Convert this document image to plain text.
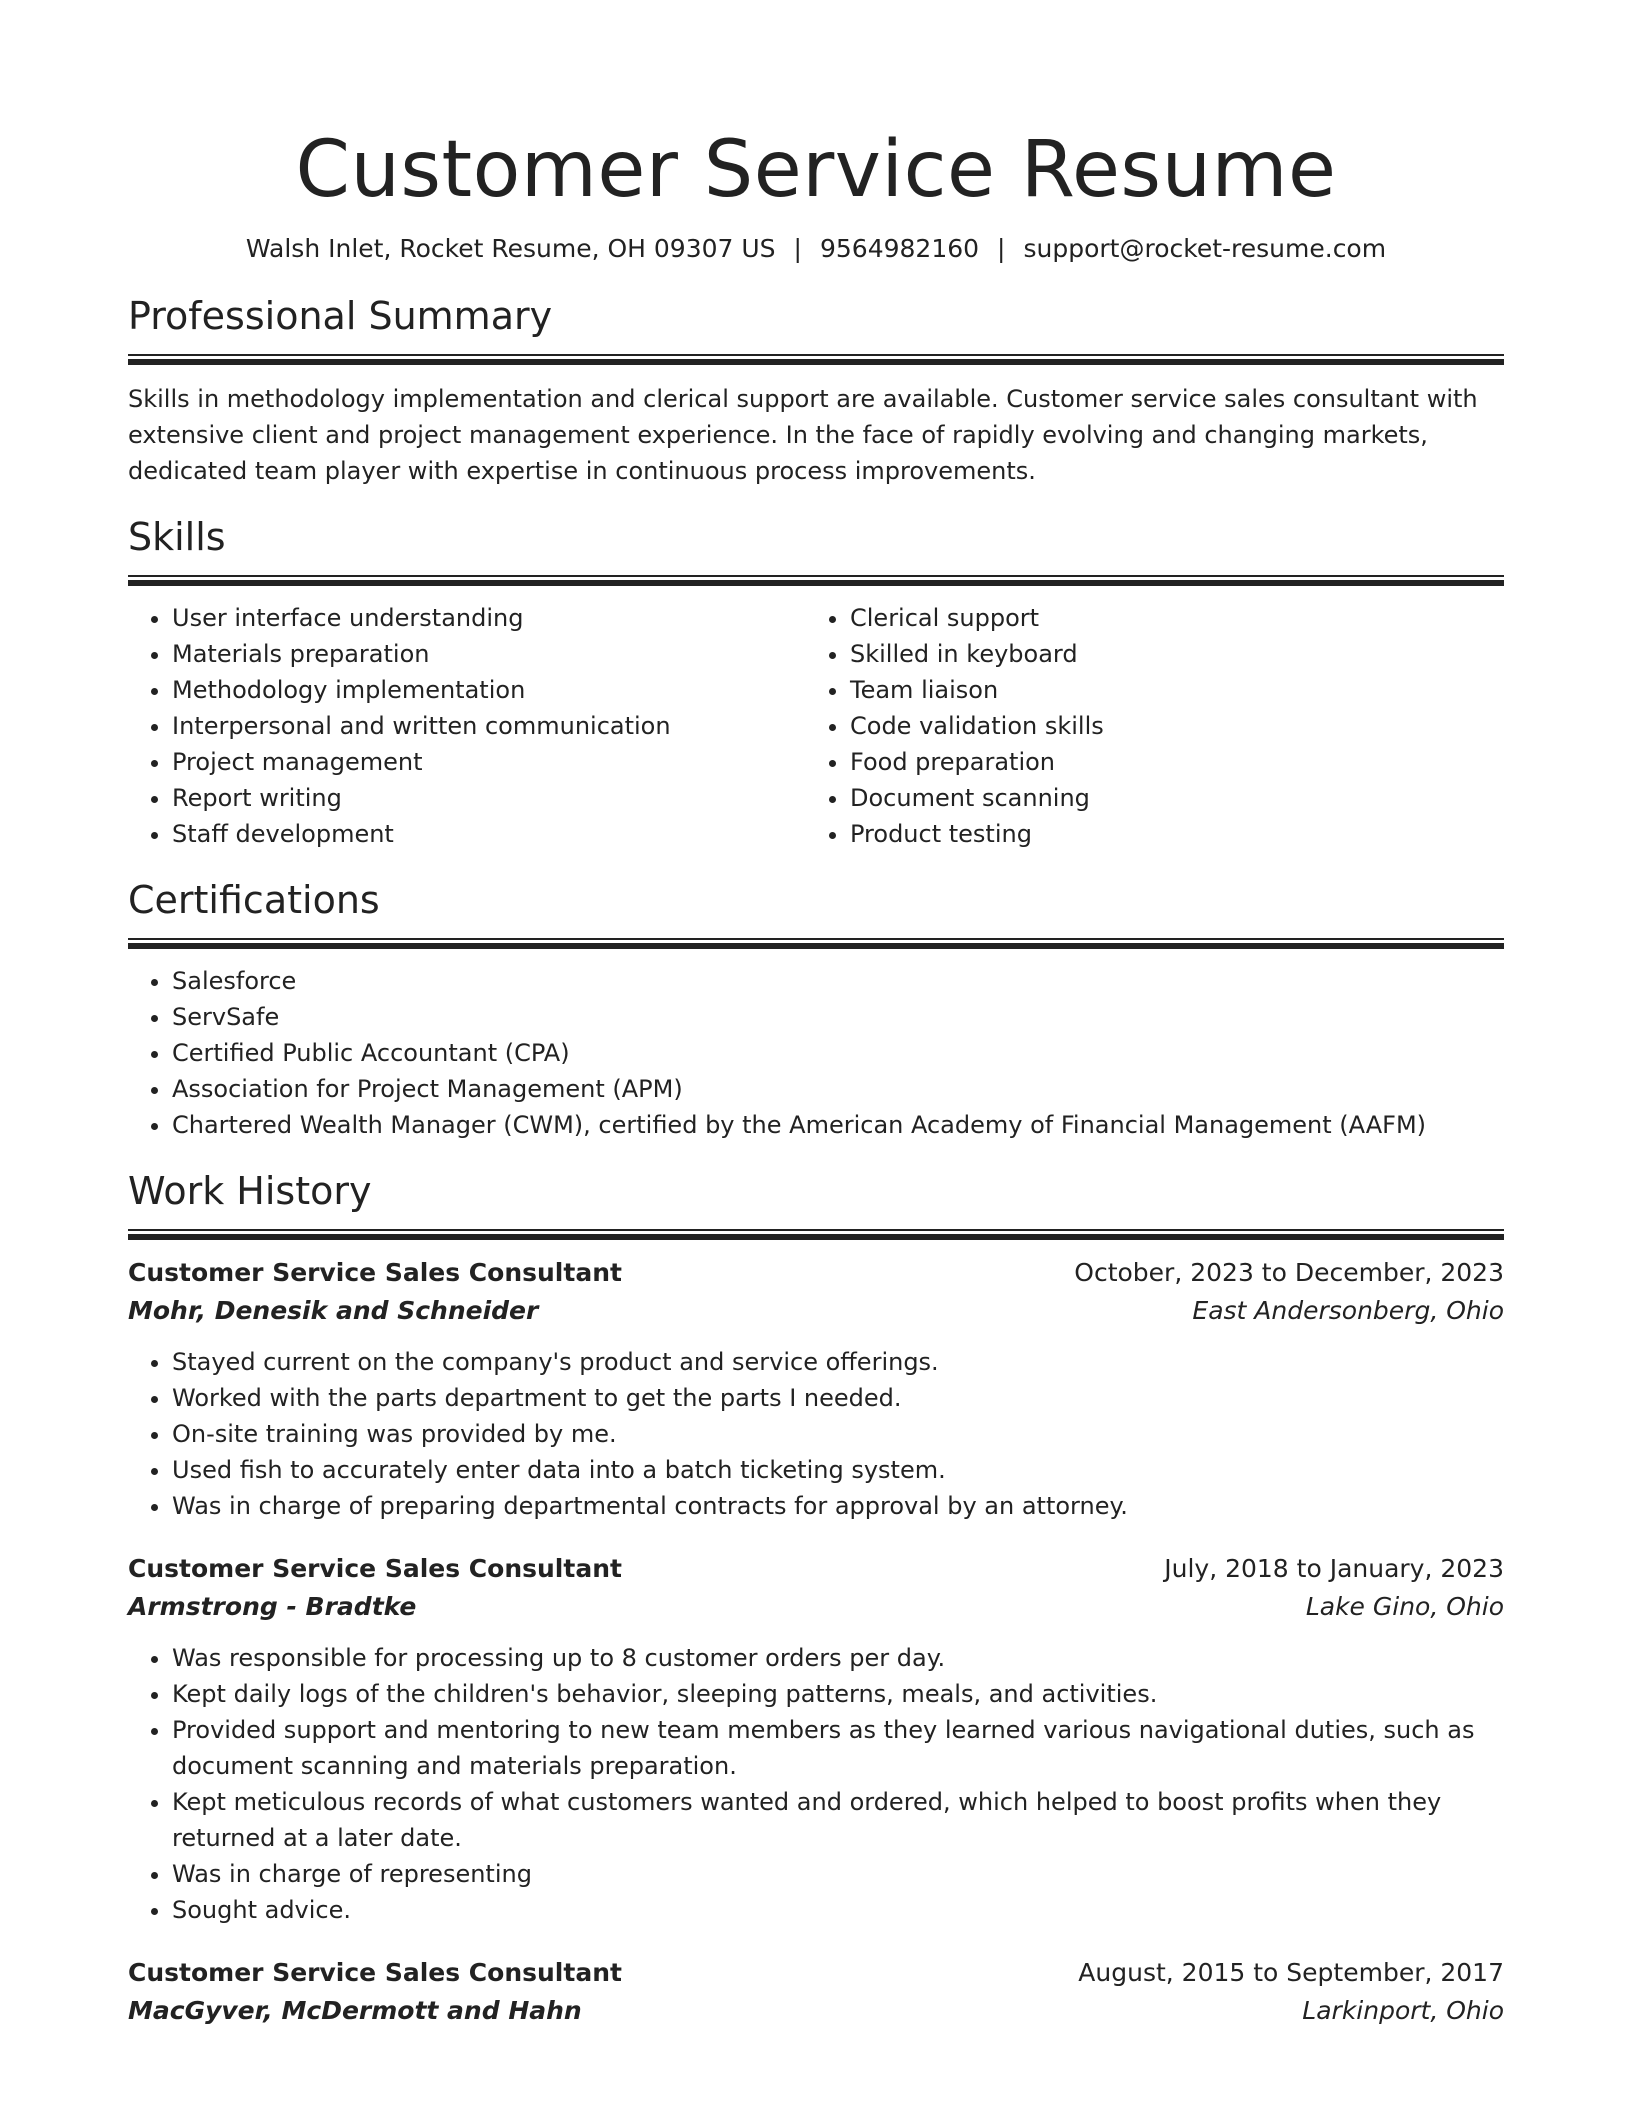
Customer Service Resume
Walsh Inlet, Rocket Resume, OH 09307 US | 9564982160 | support@rocket-resume.com
Professional Summary

Skills in methodology implementation and clerical support are available. Customer service sales consultant with extensive client and project management experience. In the face of rapidly evolving and changing markets, dedicated team player with expertise in continuous process improvements.

Skills
• User interface understanding
• Materials preparation
• Methodology implementation
• Interpersonal and written communication
• Project management
• Report writing
• Staff development
• Clerical support
• Skilled in keyboard
• Team liaison
• Code validation skills
• Food preparation
• Document scanning
• Product testing
Certifications
• Salesforce
• ServSafe
• Certified Public Accountant (CPA)
• Association for Project Management (APM)
• Chartered Wealth Manager (CWM), certified by the American Academy of Financial Management (AAFM)
Work History
Customer Service Sales Consultant	October, 2023 to December, 2023
Mohr, Denesik and Schneider	East Andersonberg, Ohio
• Stayed current on the company's product and service offerings.
• Worked with the parts department to get the parts I needed.
• On-site training was provided by me.
• Used fish to accurately enter data into a batch ticketing system.
• Was in charge of preparing departmental contracts for approval by an attorney.
Customer Service Sales Consultant	July, 2018 to January, 2023
Armstrong - Bradtke	Lake Gino, Ohio
• Was responsible for processing up to 8 customer orders per day.
• Kept daily logs of the children's behavior, sleeping patterns, meals, and activities.
• Provided support and mentoring to new team members as they learned various navigational duties, such as document scanning and materials preparation.
• Kept meticulous records of what customers wanted and ordered, which helped to boost profits when they returned at a later date.
• Was in charge of representing
• Sought advice.
Customer Service Sales Consultant	August, 2015 to September, 2017
MacGyver, McDermott and Hahn	Larkinport, Ohio
